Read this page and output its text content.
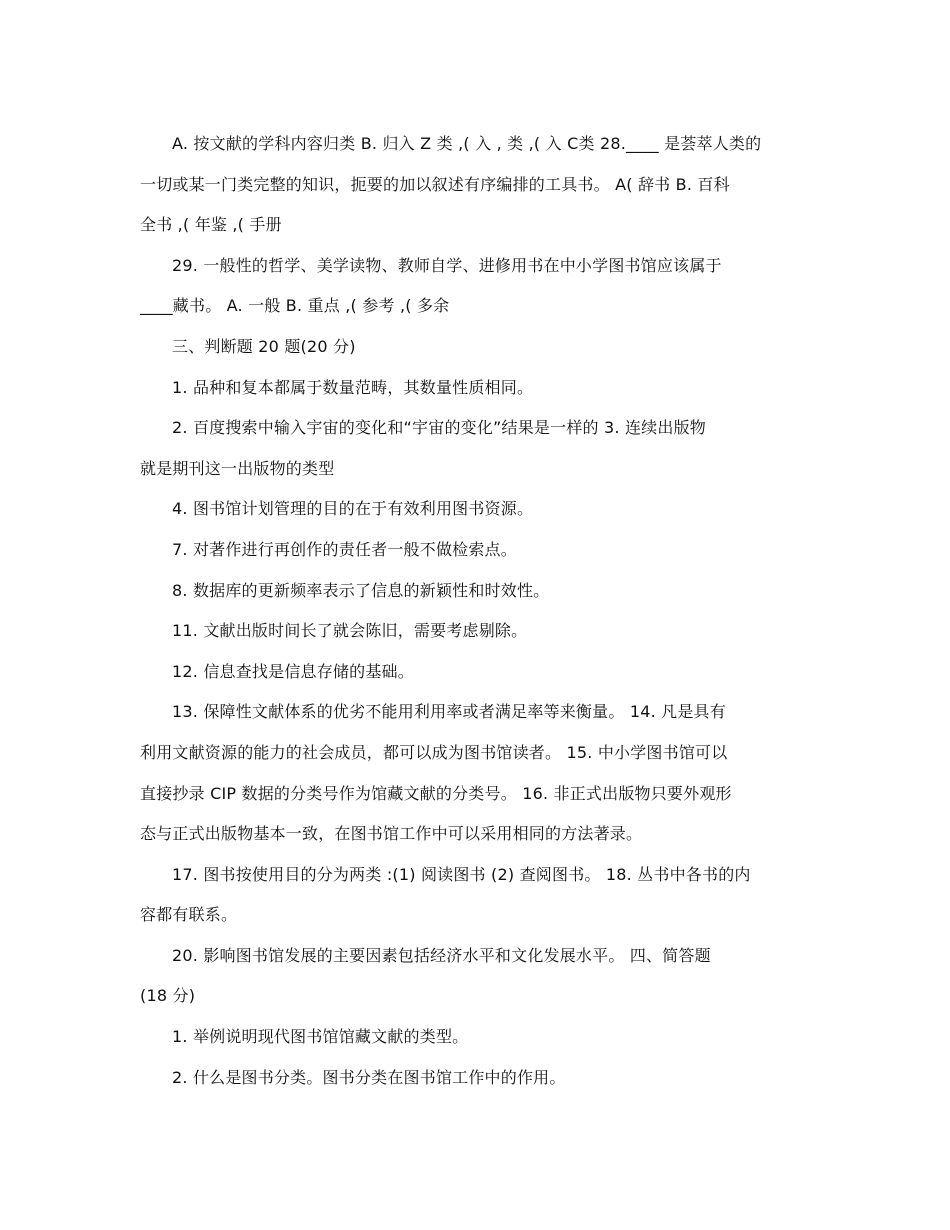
A. 按文献的学科内容归类 B. 归入 Z 类 ,( 入 , 类 ,( 入 C类 28.____ 是荟萃人类的
一切或某一门类完整的知识，扼要的加以叙述有序编排的工具书。 A( 辞书 B. 百科
全书 ,( 年鉴 ,( 手册
29. 一般性的哲学、美学读物、教师自学、进修用书在中小学图书馆应该属于
____藏书。 A. 一般 B. 重点 ,( 参考 ,( 多余
三、判断题 20 题(20 分)
1. 品种和复本都属于数量范畴，其数量性质相同。
2. 百度搜索中输入宇宙的变化和“宇宙的变化”结果是一样的 3. 连续出版物
就是期刊这一出版物的类型
4. 图书馆计划管理的目的在于有效利用图书资源。
7. 对著作进行再创作的责任者一般不做检索点。
8. 数据库的更新频率表示了信息的新颖性和时效性。
11. 文献出版时间长了就会陈旧，需要考虑剔除。
12. 信息查找是信息存储的基础。
13. 保障性文献体系的优劣不能用利用率或者满足率等来衡量。 14. 凡是具有
利用文献资源的能力的社会成员，都可以成为图书馆读者。 15. 中小学图书馆可以
直接抄录 CIP 数据的分类号作为馆藏文献的分类号。 16. 非正式出版物只要外观形
态与正式出版物基本一致，在图书馆工作中可以采用相同的方法著录。
17. 图书按使用目的分为两类 :(1) 阅读图书 (2) 查阅图书。 18. 丛书中各书的内
容都有联系。
20. 影响图书馆发展的主要因素包括经济水平和文化发展水平。 四、简答题
(18 分)
1. 举例说明现代图书馆馆藏文献的类型。
2. 什么是图书分类。图书分类在图书馆工作中的作用。
